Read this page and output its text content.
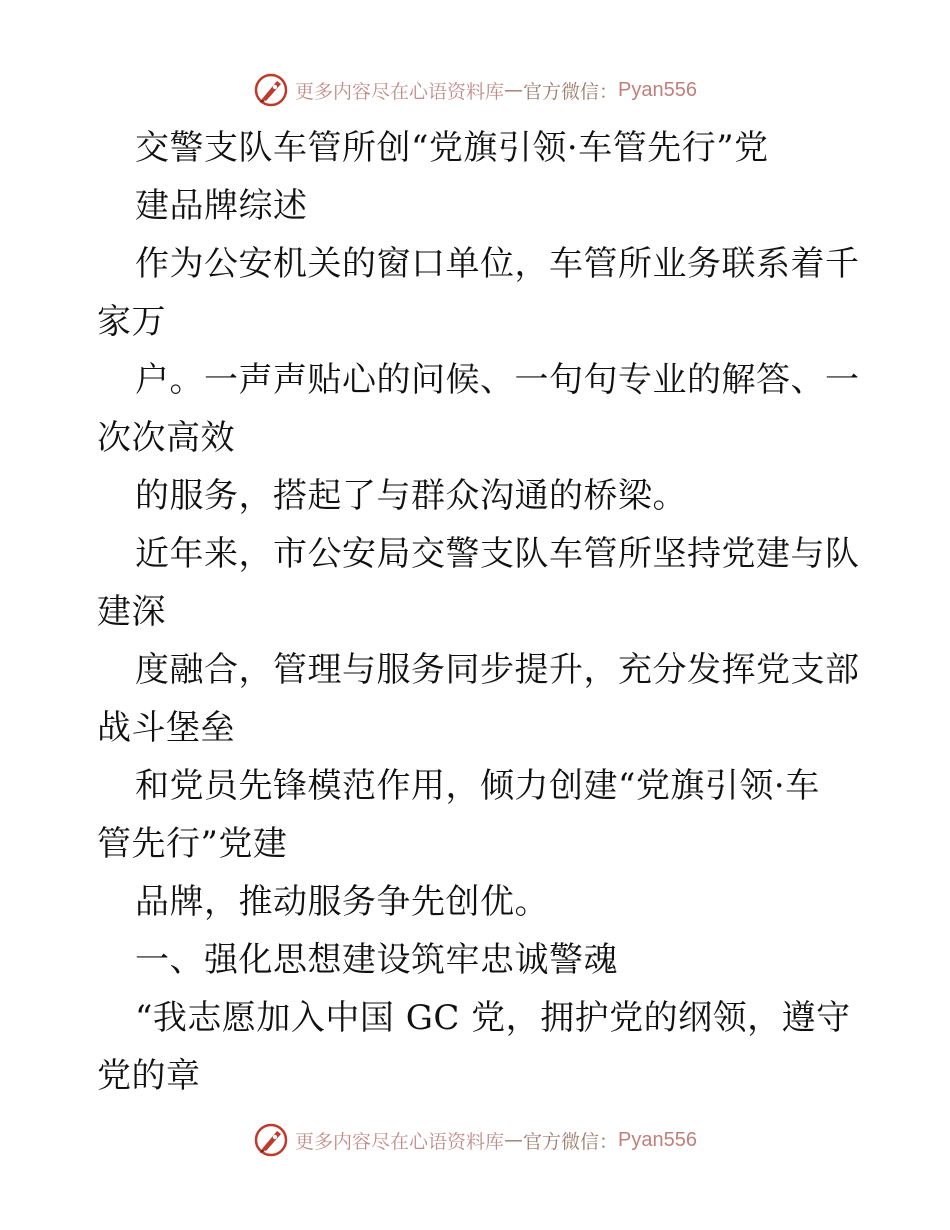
更多内容尽在心语资料库 — 官方微信： Pyan556
交警支队车管所创“党旗引领·车管先行”党
建品牌综述
作为公安机关的窗口单位，车管所业务联系着千
家万
户。一声声贴心的问候、一句句专业的解答、一
次次高效
的服务，搭起了与群众沟通的桥梁。
近年来，市公安局交警支队车管所坚持党建与队
建深
度融合，管理与服务同步提升，充分发挥党支部
战斗堡垒
和党员先锋模范作用，倾力创建“党旗引领·车
管先行”党建
品牌，推动服务争先创优。
一、强化思想建设筑牢忠诚警魂
“我志愿加入中国 GC 党，拥护党的纲领，遵守
党的章
更多内容尽在心语资料库 — 官方微信： Pyan556
